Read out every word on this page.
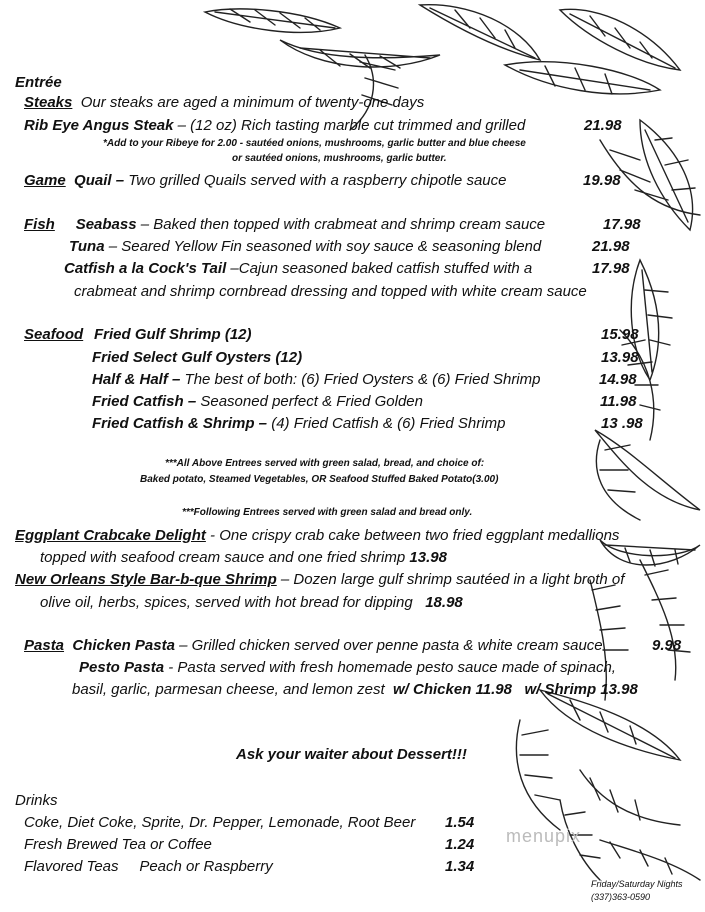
Entrée
Steaks Our steaks are aged a minimum of twenty-one days
Rib Eye Angus Steak – (12 oz) Rich tasting marble cut trimmed and grilled	21.98
*Add to your Ribeye for 2.00 - sautéed onions, mushrooms, garlic butter and blue cheese
or sautéed onions, mushrooms, garlic butter.
Game Quail – Two grilled Quails served with a raspberry chipotle sauce	19.98
Fish Seabass – Baked then topped with crabmeat and shrimp cream sauce	17.98
Tuna – Seared Yellow Fin seasoned with soy sauce & seasoning blend	21.98
Catfish a la Cock's Tail –Cajun seasoned baked catfish stuffed with a	17.98
crabmeat and shrimp cornbread dressing and topped with white cream sauce
Seafood Fried Gulf Shrimp (12)	15.98
Fried Select Gulf Oysters (12)	13.98
Half & Half – The best of both: (6) Fried Oysters & (6) Fried Shrimp	14.98
Fried Catfish – Seasoned perfect & Fried Golden	11.98
Fried Catfish & Shrimp – (4) Fried Catfish & (6) Fried Shrimp	13 .98
***All Above Entrees served with green salad, bread, and choice of:
Baked potato, Steamed Vegetables, OR Seafood Stuffed Baked Potato(3.00)
***Following Entrees served with green salad and bread only.
Eggplant Crabcake Delight - One crispy crab cake between two fried eggplant medallions
topped with seafood cream sauce and one fried shrimp 13.98
New Orleans Style Bar-b-que Shrimp – Dozen large gulf shrimp sautéed in a light broth of
olive oil, herbs, spices, served with hot bread for dipping 18.98
Pasta Chicken Pasta – Grilled chicken served over penne pasta & white cream sauce	9.98
Pesto Pasta - Pasta served with fresh homemade pesto sauce made of spinach,
basil, garlic, parmesan cheese, and lemon zest w/ Chicken 11.98 w/ Shrimp 13.98
Ask your waiter about Dessert!!!
Drinks
Coke, Diet Coke, Sprite, Dr. Pepper, Lemonade, Root Beer 1.54
Fresh Brewed Tea or Coffee	1.24
Flavored Teas     Peach or Raspberry	1.34
menupix
Friday/Saturday Nights
(337)363-0590
